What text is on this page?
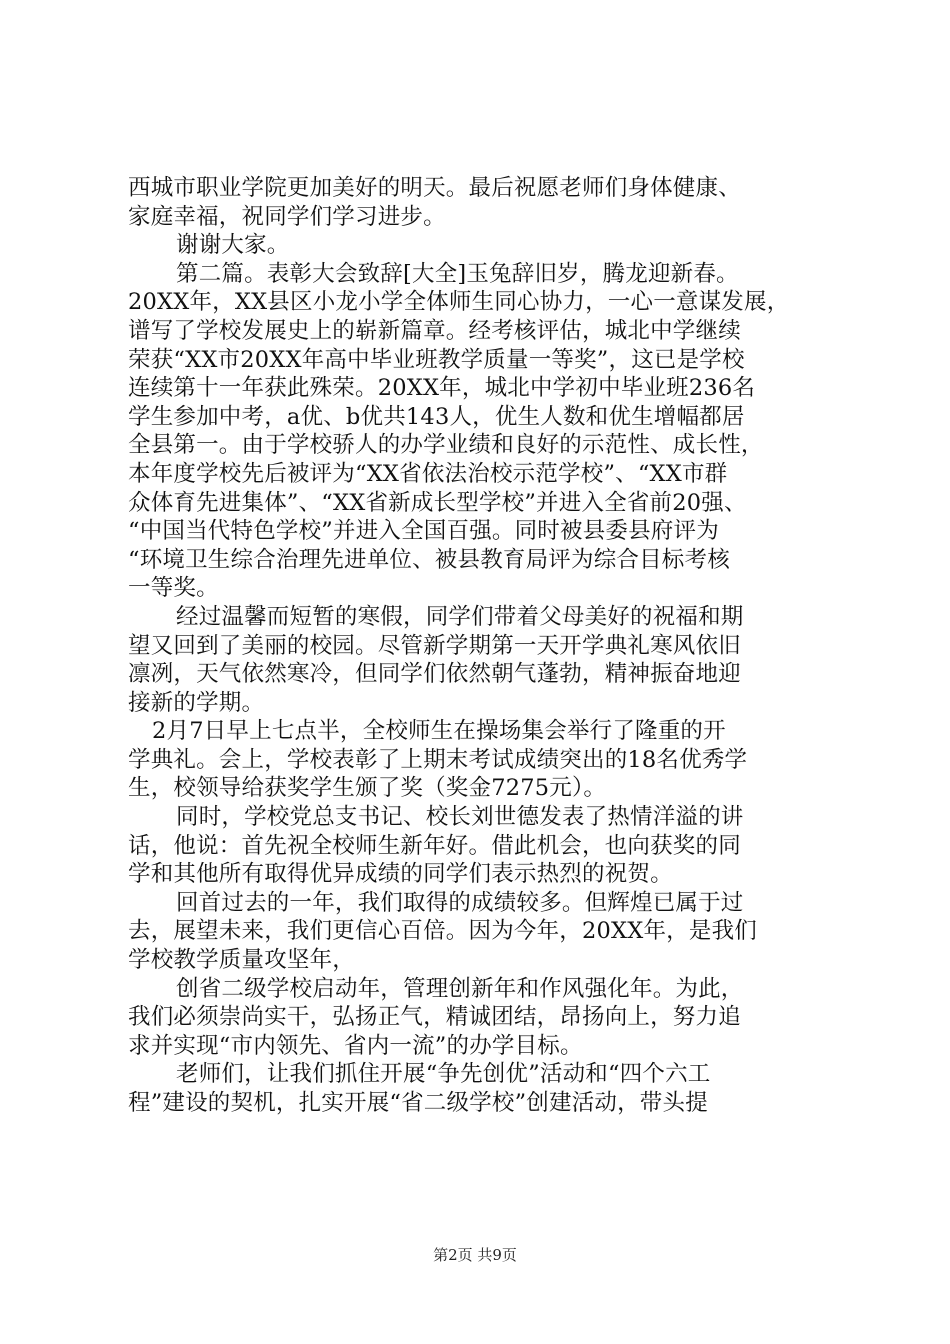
西城市职业学院更加美好的明天。最后祝愿老师们身体健康、
家庭幸福，祝同学们学习进步。
谢谢大家。
第二篇。表彰大会致辞[大全]玉兔辞旧岁，腾龙迎新春。
20XX年，XX县区小龙小学全体师生同心协力，一心一意谋发展，
谱写了学校发展史上的崭新篇章。经考核评估，城北中学继续
荣获“XX市20XX年高中毕业班教学质量一等奖”，这已是学校
连续第十一年获此殊荣。20XX年，城北中学初中毕业班236名
学生参加中考，a优、b优共143人，优生人数和优生增幅都居
全县第一。由于学校骄人的办学业绩和良好的示范性、成长性，
本年度学校先后被评为“XX省依法治校示范学校”、“XX市群
众体育先进集体”、“XX省新成长型学校”并进入全省前20强、
“中国当代特色学校”并进入全国百强。同时被县委县府评为
“环境卫生综合治理先进单位、被县教育局评为综合目标考核
一等奖。
经过温馨而短暂的寒假，同学们带着父母美好的祝福和期
望又回到了美丽的校园。尽管新学期第一天开学典礼寒风依旧
凛冽，天气依然寒冷，但同学们依然朝气蓬勃，精神振奋地迎
接新的学期。
2月7日早上七点半，全校师生在操场集会举行了隆重的开
学典礼。会上，学校表彰了上期末考试成绩突出的18名优秀学
生，校领导给获奖学生颁了奖（奖金7275元）。
同时，学校党总支书记、校长刘世德发表了热情洋溢的讲
话，他说：首先祝全校师生新年好。借此机会，也向获奖的同
学和其他所有取得优异成绩的同学们表示热烈的祝贺。
回首过去的一年，我们取得的成绩较多。但辉煌已属于过
去，展望未来，我们更信心百倍。因为今年，20XX年，是我们
学校教学质量攻坚年，
创省二级学校启动年，管理创新年和作风强化年。为此，
我们必须崇尚实干，弘扬正气，精诚团结，昂扬向上，努力追
求并实现“市内领先、省内一流”的办学目标。
老师们，让我们抓住开展“争先创优”活动和“四个六工
程”建设的契机，扎实开展“省二级学校”创建活动，带头提
第2页 共9页
